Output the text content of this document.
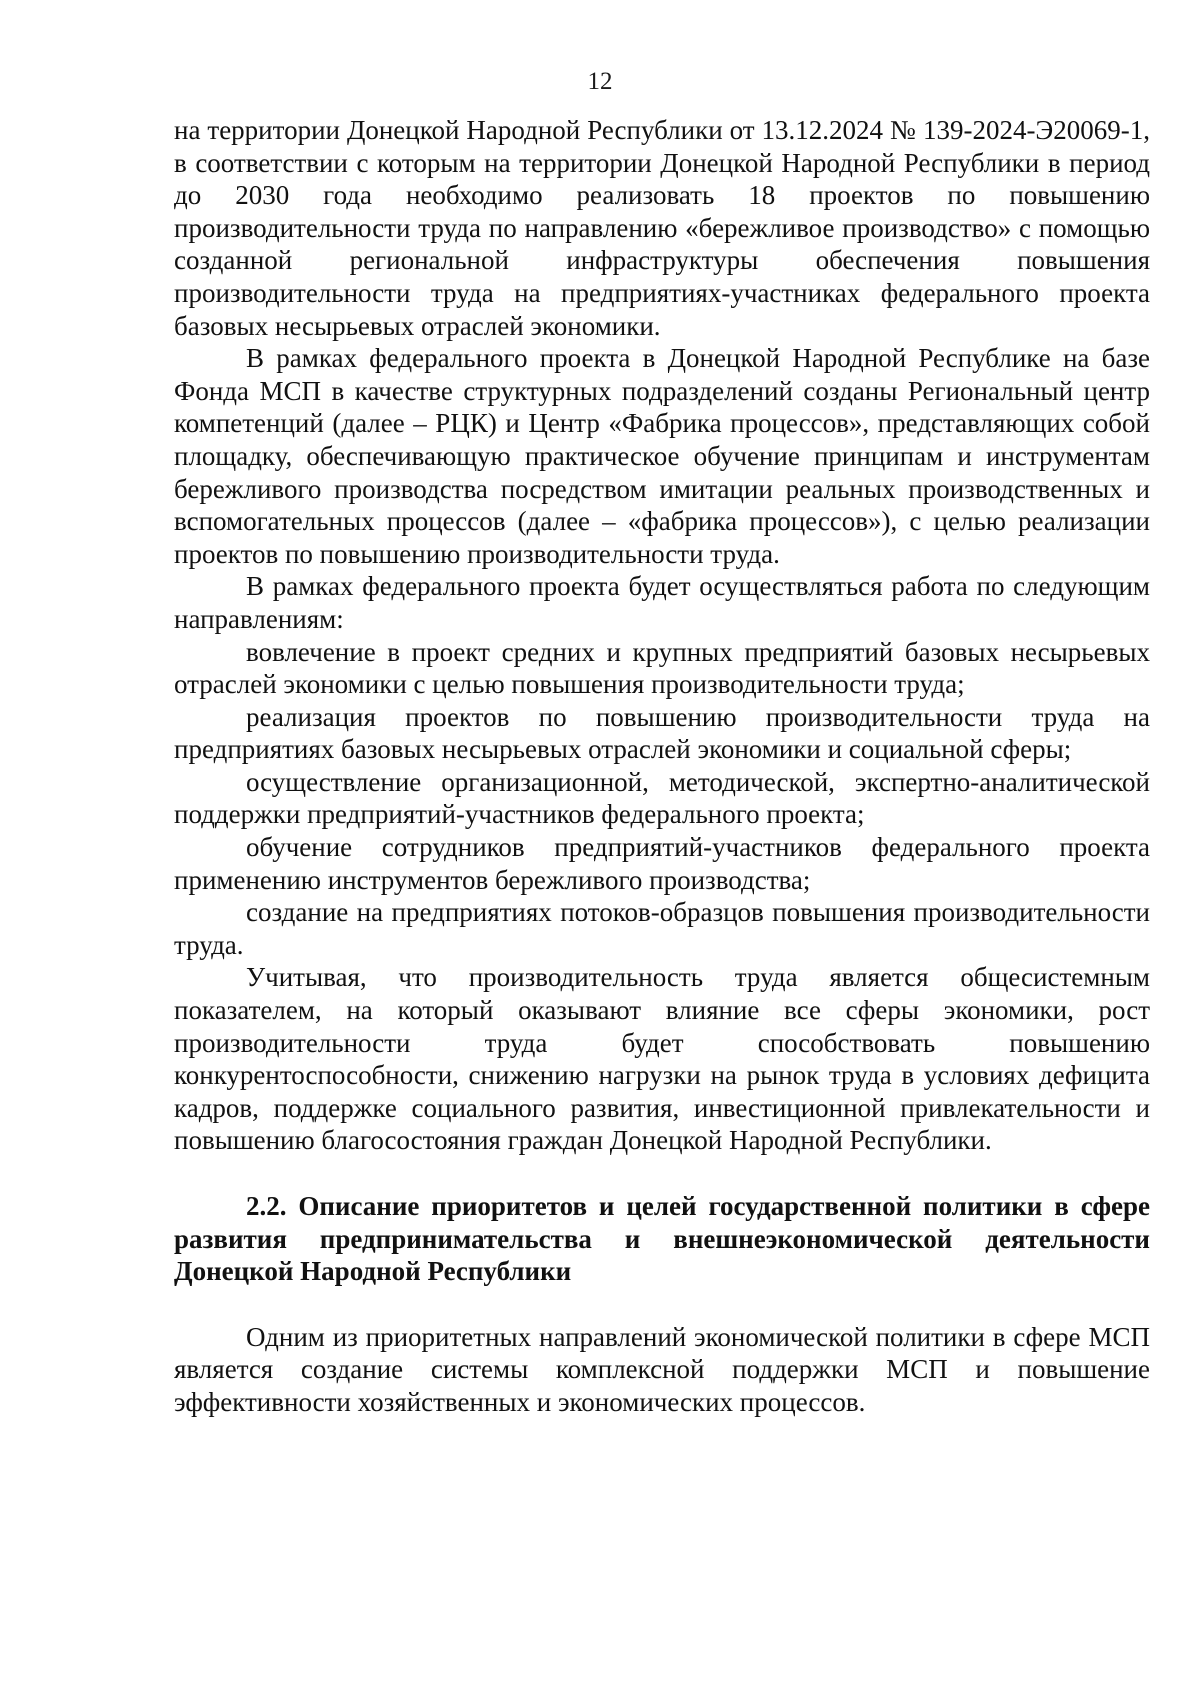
12

на территории Донецкой Народной Республики от 13.12.2024 № 139-2024-Э20069-1, в соответствии с которым на территории Донецкой Народной Республики в период до 2030 года необходимо реализовать 18 проектов по повышению производительности труда по направлению «бережливое производство» с помощью созданной региональной инфраструктуры обеспечения повышения производительности труда на предприятиях-участниках федерального проекта базовых несырьевых отраслей экономики.

В рамках федерального проекта в Донецкой Народной Республике на базе Фонда МСП в качестве структурных подразделений созданы Региональный центр компетенций (далее – РЦК) и Центр «Фабрика процессов», представляющих собой площадку, обеспечивающую практическое обучение принципам и инструментам бережливого производства посредством имитации реальных производственных и вспомогательных процессов (далее – «фабрика процессов»), с целью реализации проектов по повышению производительности труда.

В рамках федерального проекта будет осуществляться работа по следующим направлениям:

вовлечение в проект средних и крупных предприятий базовых несырьевых отраслей экономики с целью повышения производительности труда;

реализация проектов по повышению производительности труда на предприятиях базовых несырьевых отраслей экономики и социальной сферы;

осуществление организационной, методической, экспертно-аналитической поддержки предприятий-участников федерального проекта;

обучение сотрудников предприятий-участников федерального проекта применению инструментов бережливого производства;

создание на предприятиях потоков-образцов повышения производительности труда.

Учитывая, что производительность труда является общесистемным показателем, на который оказывают влияние все сферы экономики, рост производительности труда будет способствовать повышению конкурентоспособности, снижению нагрузки на рынок труда в условиях дефицита кадров, поддержке социального развития, инвестиционной привлекательности и повышению благосостояния граждан Донецкой Народной Республики.

2.2. Описание приоритетов и целей государственной политики в сфере развития предпринимательства и внешнеэкономической деятельности Донецкой Народной Республики

Одним из приоритетных направлений экономической политики в сфере МСП является создание системы комплексной поддержки МСП и повышение эффективности хозяйственных и экономических процессов.
